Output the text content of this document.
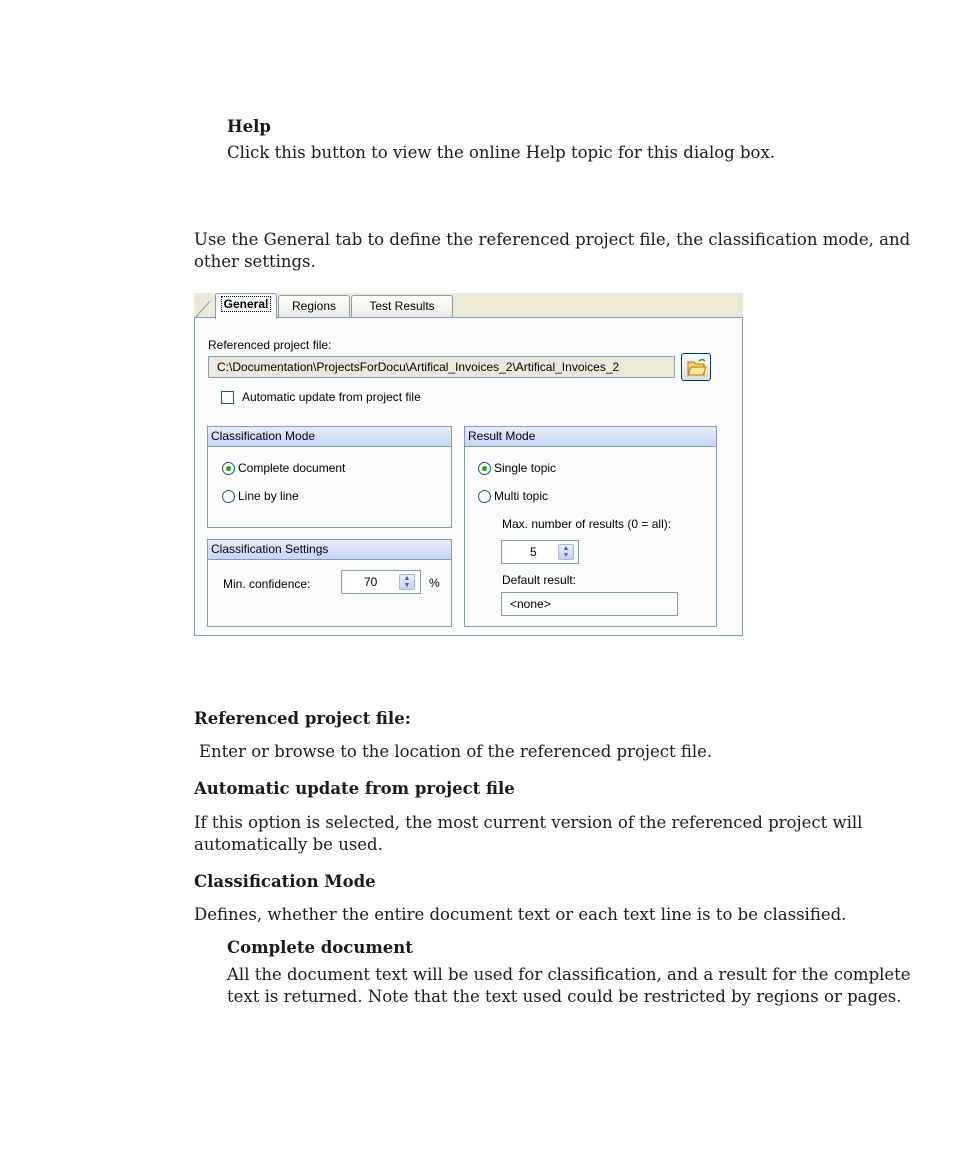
Help
Click this button to view the online Help topic for this dialog box.
Use the General tab to define the referenced project file, the classification mode, and
other settings.
General	Regions	Test Results
Referenced project file:
C:\Documentation\ProjectsForDocu\Artifical_Invoices_2\Artifical_Invoices_2
Automatic update from project file
Classification Mode
Complete document
Line by line
Classification Settings
Min. confidence:	70	▲
▼	%
Result Mode
Single topic
Multi topic
Max. number of results (0 = all):
5	▲
▼
Default result:
<none>
Referenced project file:
Enter or browse to the location of the referenced project file.
Automatic update from project file
If this option is selected, the most current version of the referenced project will
automatically be used.
Classification Mode
Defines, whether the entire document text or each text line is to be classified.
Complete document
All the document text will be used for classification, and a result for the complete
text is returned. Note that the text used could be restricted by regions or pages.
